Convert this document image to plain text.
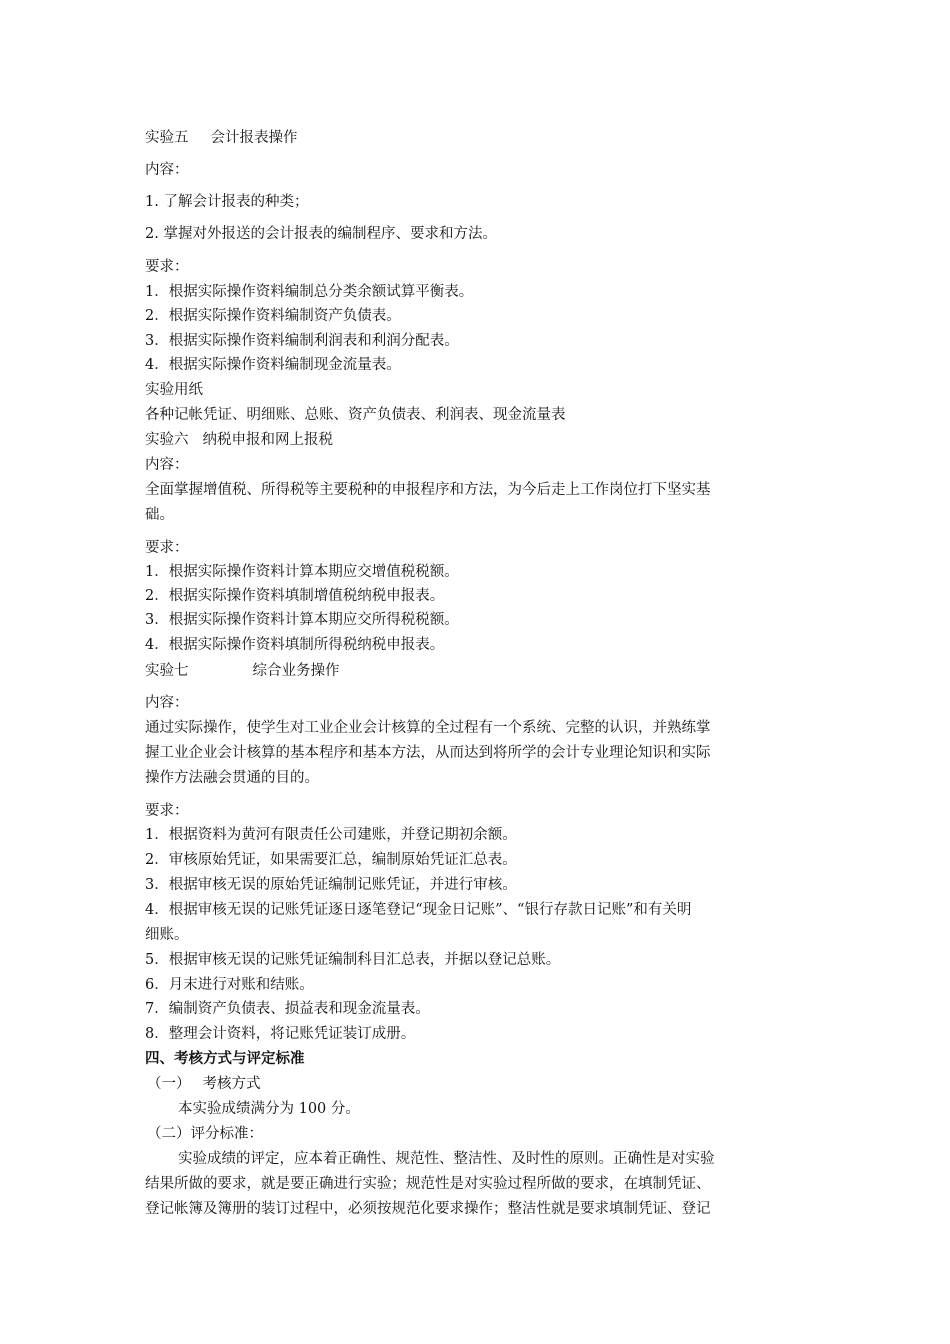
实验五 会计报表操作

内容：

1. 了解会计报表的种类；

2. 掌握对外报送的会计报表的编制程序、要求和方法。

要求：

1．根据实际操作资料编制总分类余额试算平衡表。

2．根据实际操作资料编制资产负债表。

3．根据实际操作资料编制利润表和利润分配表。

4．根据实际操作资料编制现金流量表。

实验用纸

各种记帐凭证、明细账、总账、资产负债表、利润表、现金流量表

实验六 纳税申报和网上报税

内容：

全面掌握增值税、所得税等主要税种的申报程序和方法，为今后走上工作岗位打下坚实基

础。

要求：

1．根据实际操作资料计算本期应交增值税税额。

2．根据实际操作资料填制增值税纳税申报表。

3．根据实际操作资料计算本期应交所得税税额。

4．根据实际操作资料填制所得税纳税申报表。

实验七	综合业务操作

内容：

通过实际操作，使学生对工业企业会计核算的全过程有一个系统、完整的认识，并熟练掌

握工业企业会计核算的基本程序和基本方法，从而达到将所学的会计专业理论知识和实际

操作方法融会贯通的目的。

要求：

1．根据资料为黄河有限责任公司建账，并登记期初余额。

2．审核原始凭证，如果需要汇总，编制原始凭证汇总表。

3．根据审核无误的原始凭证编制记账凭证，并进行审核。

4．根据审核无误的记账凭证逐日逐笔登记“现金日记账”、“银行存款日记账”和有关明

细账。

5．根据审核无误的记账凭证编制科目汇总表，并据以登记总账。

6．月末进行对账和结账。

7．编制资产负债表、损益表和现金流量表。

8．整理会计资料，将记账凭证装订成册。

四、考核方式与评定标准

（一） 考核方式

本实验成绩满分为 100 分。

（二）评分标准：

实验成绩的评定，应本着正确性、规范性、整洁性、及时性的原则。正确性是对实验

结果所做的要求，就是要正确进行实验；规范性是对实验过程所做的要求，在填制凭证、

登记帐簿及簿册的装订过程中，必须按规范化要求操作；整洁性就是要求填制凭证、登记
